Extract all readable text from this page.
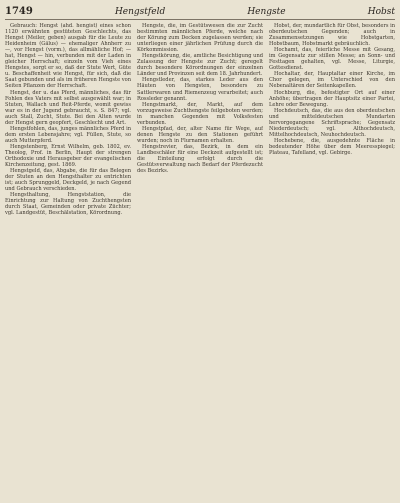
1749	Hengstfeld	Hengste	Hobst

Gebrauch: Hengst (ahd. hengist) eines schon 1120 erwähnten gestüteten Geschlechts, das Hengst (Meiler, geben) ausgab für die Leute zu Heidenheim (Gälus) — ehemaliger Ahnherr zu —, vor Hengst (vorm.), das allmähliche Hof; — hat, Hengst — hin, verbunden mit der Laden in gleicher Herrschaft; einzeln vom Vieh eines Hengstes, sorgt er so, daß der Stute Wert, Güte u. Beschaffenheit wie Hengst, für sich, daß die Saat gebunden und als im früheren Hengste von Seiten Pflanzen der Herrschaft.

Hengst, der u. das Pferd, männliches, das für Fohlen des Vaters mit selbst ausgewählt war; in Stuten, Wallach und Reit-Pferde, womit gewiss war es in der Jugend gebraucht, s. S. 847; vgl. auch Stall, Zucht, Stute. Bei den Alten wurde der Hengst gern geopfert, Geschlecht und Art.

Hengstfohlen, das, junges männliches Pferd in dem ersten Lebensjahre; vgl. Füllen, Stute, so auch Mutterpferd.

Hengstenberg, Ernst Wilhelm, geb. 1802, ev. Theolog, Prof. in Berlin, Haupt der strengen Orthodoxie und Herausgeber der evangelischen Kirchenzeitung, gest. 1869.

Hengstgeld, das, Abgabe, die für das Belegen der Stuten an den Hengsthalter zu entrichten ist; auch Sprunggeld, Deckgeld, je nach Gegend und Gebrauch verschieden.

Hengsthaltung, Hengststation, die Einrichtung zur Haltung von Zuchthengsten durch Staat, Gemeinden oder private Züchter; vgl. Landgestüt, Beschälstation, Körordnung.

Hengste, die, im Gestütswesen die zur Zucht bestimmten männlichen Pferde, welche nach der Körung zum Decken zugelassen werden; sie unterliegen einer jährlichen Prüfung durch die Körkommission.

Hengstkörung, die, amtliche Besichtigung und Zulassung der Hengste zur Zucht; geregelt durch besondere Körordnungen der einzelnen Länder und Provinzen seit dem 18. Jahrhundert.

Hengstleder, das, starkes Leder aus den Häuten von Hengsten, besonders zu Sattlerwaren und Riemenzeug verarbeitet; auch Rossleder genannt.

Hengstmarkt, der, Markt, auf dem vorzugsweise Zuchthengste feilgeboten werden; in manchen Gegenden mit Volksfesten verbunden.

Hengstpfad, der, alter Name für Wege, auf denen Hengste zu den Stationen geführt wurden; noch in Flurnamen erhalten.

Hengstrevier, das, Bezirk, in dem ein Landbeschäler für eine Deckzeit aufgestellt ist; die Einteilung erfolgt durch die Gestütsverwaltung nach Bedarf der Pferdezucht des Bezirks.

Hobst, der, mundartlich für Obst, besonders in oberdeutschen Gegenden; auch in Zusammensetzungen wie Hobstgarten, Hobstbaum, Hobstmarkt gebräuchlich.

Hochamt, das, feierliche Messe mit Gesang, im Gegensatz zur stillen Messe; an Sonn- und Festtagen gehalten, vgl. Messe, Liturgie, Gottesdienst.

Hochaltar, der, Hauptaltar einer Kirche, im Chor gelegen, im Unterschied von den Nebenaltären der Seitenkapellen.

Hochburg, die, befestigter Ort auf einer Anhöhe; übertragen der Hauptsitz einer Partei, Lehre oder Bewegung.

Hochdeutsch, das, die aus den oberdeutschen und mitteldeutschen Mundarten hervorgegangene Schriftsprache; Gegensatz Niederdeutsch; vgl. Althochdeutsch, Mittelhochdeutsch, Neuhochdeutsch.

Hochebene, die, ausgedehnte Fläche in bedeutender Höhe über dem Meeresspiegel; Plateau, Tafelland, vgl. Gebirge.
